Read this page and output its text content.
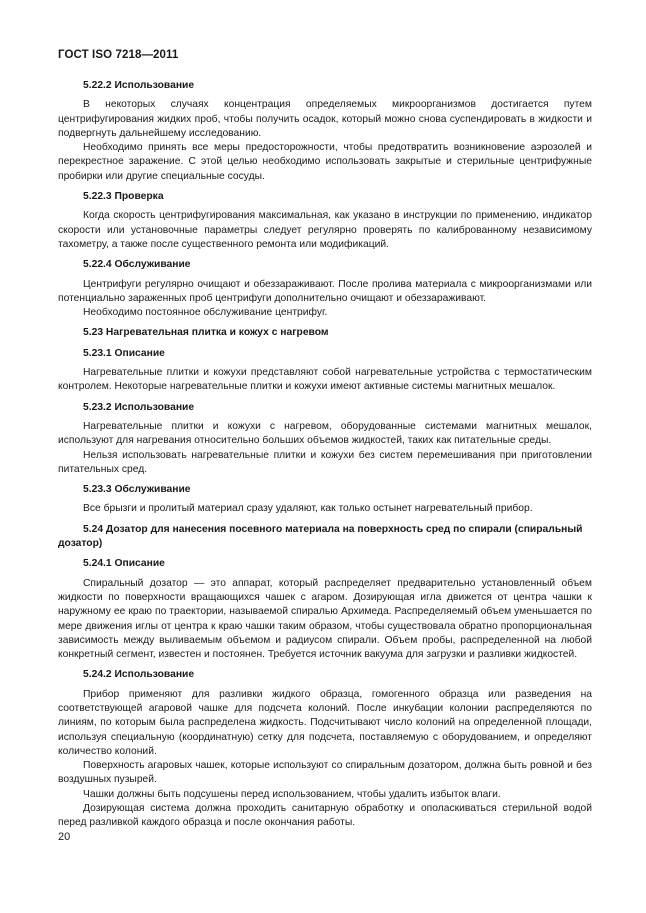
ГОСТ ISO 7218—2011
5.22.2 Использование
В некоторых случаях концентрация определяемых микроорганизмов достигается путем центрифугирования жидких проб, чтобы получить осадок, который можно снова суспендировать в жидкости и подвергнуть дальнейшему исследованию.
Необходимо принять все меры предосторожности, чтобы предотвратить возникновение аэрозолей и перекрестное заражение. С этой целью необходимо использовать закрытые и стерильные центрифужные пробирки или другие специальные сосуды.
5.22.3 Проверка
Когда скорость центрифугирования максимальная, как указано в инструкции по применению, индикатор скорости или установочные параметры следует регулярно проверять по калиброванному независимому тахометру, а также после существенного ремонта или модификаций.
5.22.4 Обслуживание
Центрифуги регулярно очищают и обеззараживают. После пролива материала с микроорганизмами или потенциально зараженных проб центрифуги дополнительно очищают и обеззараживают.
Необходимо постоянное обслуживание центрифуг.
5.23 Нагревательная плитка и кожух с нагревом
5.23.1 Описание
Нагревательные плитки и кожухи представляют собой нагревательные устройства с термостатическим контролем. Некоторые нагревательные плитки и кожухи имеют активные системы магнитных мешалок.
5.23.2 Использование
Нагревательные плитки и кожухи с нагревом, оборудованные системами магнитных мешалок, используют для нагревания относительно больших объемов жидкостей, таких как питательные среды.
Нельзя использовать нагревательные плитки и кожухи без систем перемешивания при приготовлении питательных сред.
5.23.3 Обслуживание
Все брызги и пролитый материал сразу удаляют, как только остынет нагревательный прибор.
5.24 Дозатор для нанесения посевного материала на поверхность сред по спирали (спиральный дозатор)
5.24.1 Описание
Спиральный дозатор — это аппарат, который распределяет предварительно установленный объем жидкости по поверхности вращающихся чашек с агаром. Дозирующая игла движется от центра чашки к наружному ее краю по траектории, называемой спиралью Архимеда. Распределяемый объем уменьшается по мере движения иглы от центра к краю чашки таким образом, чтобы существовала обратно пропорциональная зависимость между выливаемым объемом и радиусом спирали. Объем пробы, распределенной на любой конкретный сегмент, известен и постоянен. Требуется источник вакуума для загрузки и разливки жидкостей.
5.24.2 Использование
Прибор применяют для разливки жидкого образца, гомогенного образца или разведения на соответствующей агаровой чашке для подсчета колоний. После инкубации колонии распределяются по линиям, по которым была распределена жидкость. Подсчитывают число колоний на определенной площади, используя специальную (координатную) сетку для подсчета, поставляемую с оборудованием, и определяют количество колоний.
Поверхность агаровых чашек, которые используют со спиральным дозатором, должна быть ровной и без воздушных пузырей.
Чашки должны быть подсушены перед использованием, чтобы удалить избыток влаги.
Дозирующая система должна проходить санитарную обработку и ополаскиваться стерильной водой перед разливкой каждого образца и после окончания работы.
20
